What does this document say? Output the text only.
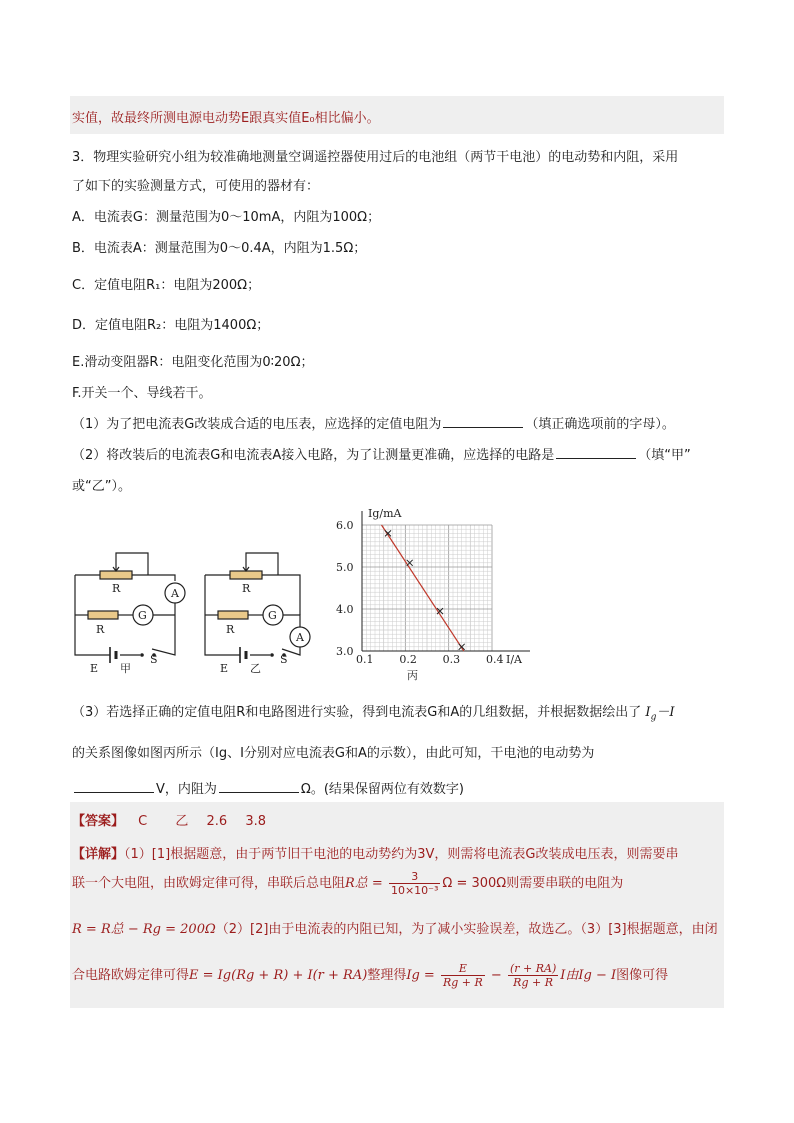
实值，故最终所测电源电动势E跟真实值E₀相比偏小。
3．物理实验研究小组为较准确地测量空调遥控器使用过后的电池组（两节干电池）的电动势和内阻，采用
了如下的实验测量方式，可使用的器材有：
A．电流表G：测量范围为0～10mA，内阻为100Ω；
B．电流表A：测量范围为0～0.4A，内阻为1.5Ω；
C．定值电阻R₁：电阻为200Ω；
D．定值电阻R₂：电阻为1400Ω；
E.滑动变阻器R：电阻变化范围为0∶20Ω；
F.开关一个、导线若干。
（1）为了把电流表G改装成合适的电压表，应选择的定值电阻为	（填正确选项前的字母）。
（2）将改装后的电流表G和电流表A接入电路，为了让测量更准确，应选择的电路是	（填“甲”
或“乙”）。
R
R
G
A
E
S
甲
R
R
G
A
E
S
乙
0.1 0.2 0.3 0.4
3.0
4.0
5.0
6.0
Ig/mA
I/A
丙
（3）若选择正确的定值电阻R和电路图进行实验，得到电流表G和A的几组数据，并根据数据绘出了 $I_g-I$
的关系图像如图丙所示（Ig、I分别对应电流表G和A的示数），由此可知，干电池的电动势为
V，内阻为	Ω。(结果保留两位有效数字)
【答案】 C 乙 2.6 3.8
【详解】（1）[1]根据题意，由于两节旧干电池的电动势约为3V，则需将电流表G改装成电压表，则需要串
联一个大电阻，由欧姆定律可得，串联后总电阻R总 = $\frac{3}{\text{10×10⁻³}}$ Ω = 300Ω则需要串联的电阻为
R = R总 − Rg = 200Ω（2）[2]由于电流表的内阻已知，为了减小实验误差，故选乙。（3）[3]根据题意，由闭
合电路欧姆定律可得E = Ig(Rg + R) + I(r + RA)整理得$Ig = \frac{E}{Rg + R} - \frac{(r + RA)}{Rg + R}$ I由Ig − I图像可得
